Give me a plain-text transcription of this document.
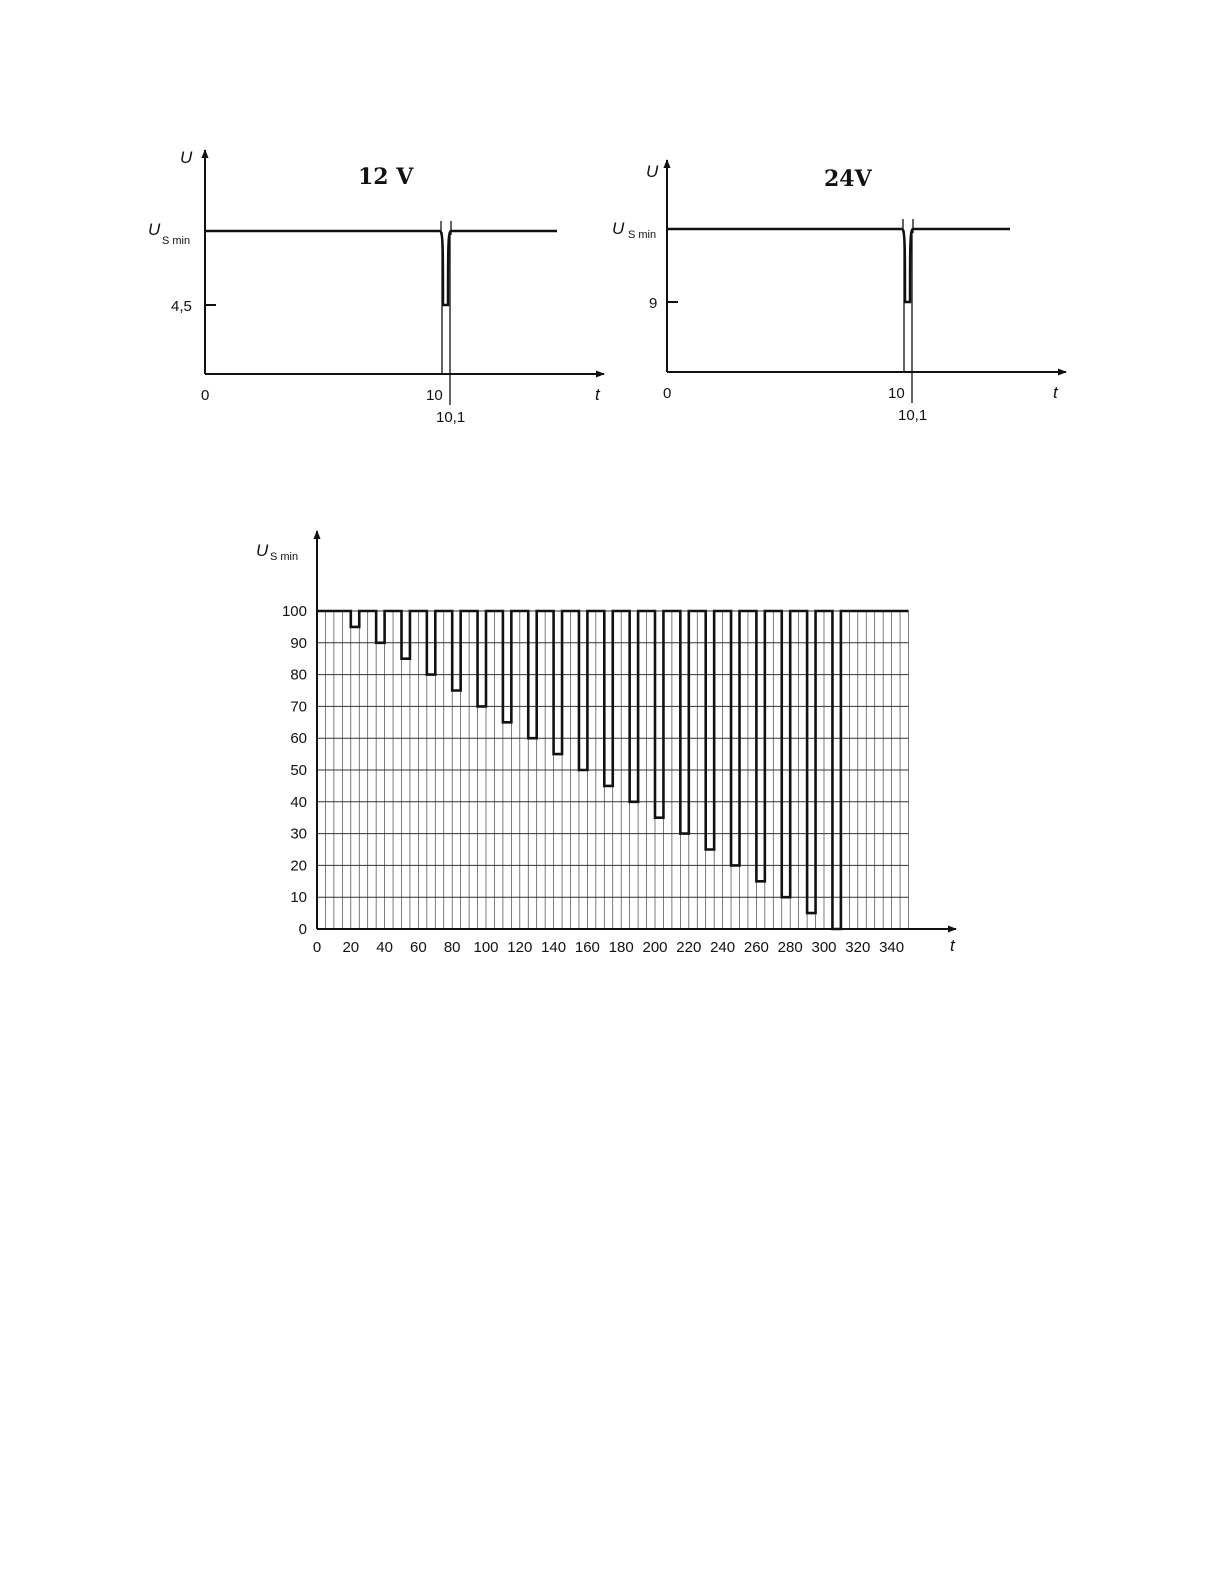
12 V
U
U
S min
4,5
0	10
10,1
t
24V
U
U S min
9
0	10
10,1
t
0
10
20
30
40
50
60
70
80
90
100
0 20 40 60 80 100 120 140 160 180 200 220 240 260 280 300 320 340
U S min
t
